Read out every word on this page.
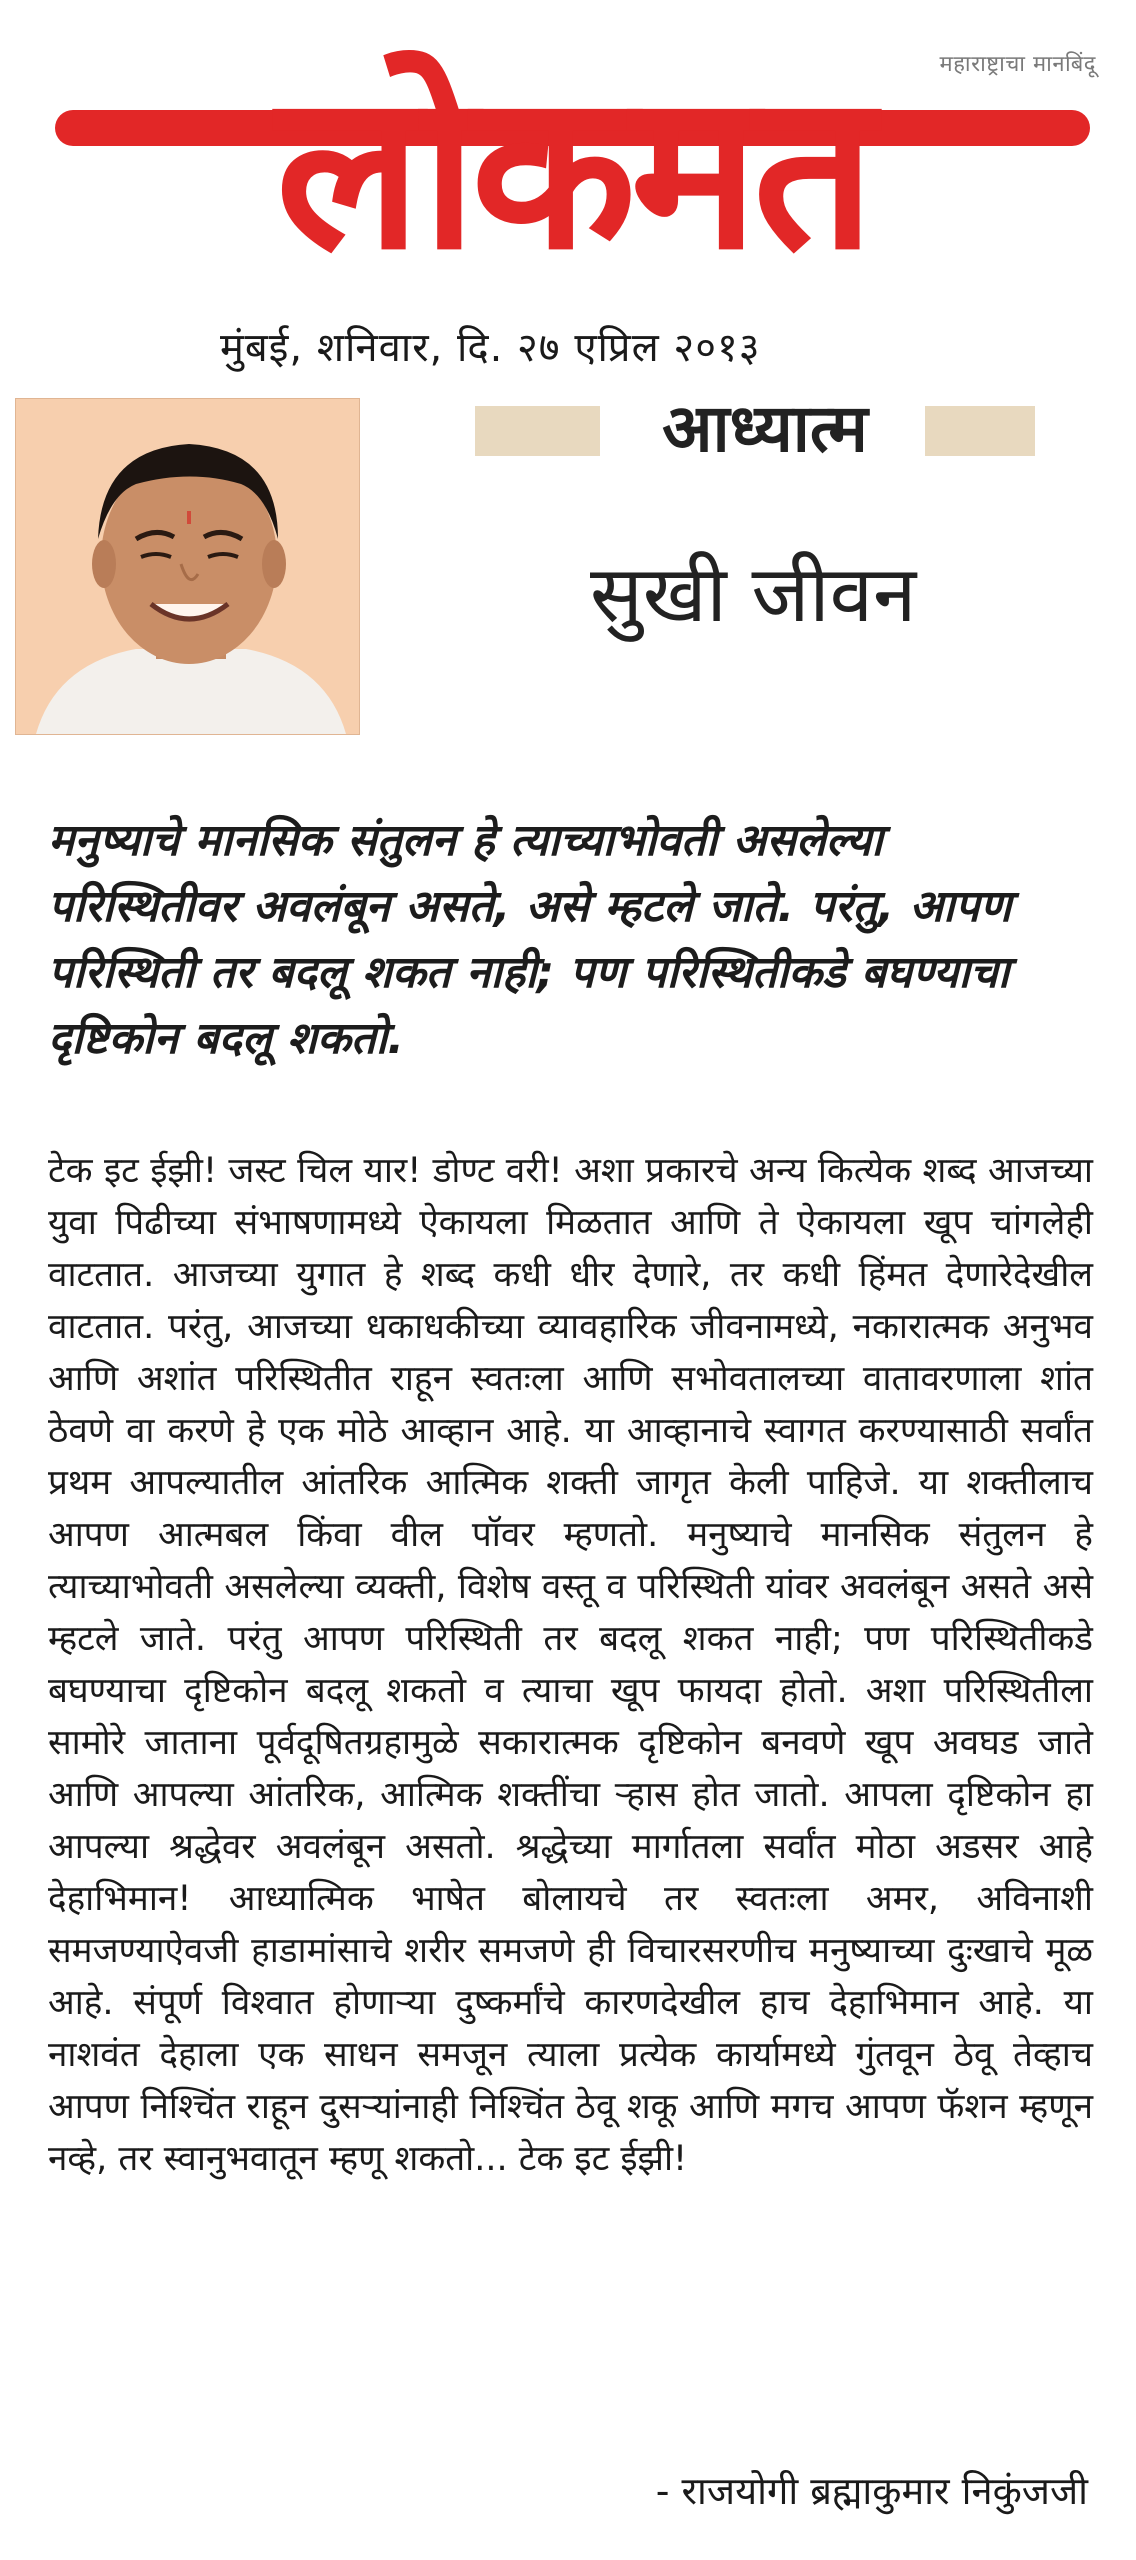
महाराष्ट्राचा मानबिंदू
लोकमत
मुंबई, शनिवार, दि. २७ एप्रिल २०१३
आध्यात्म
सुखी जीवन
मनुष्याचे मानसिक संतुलन हे त्याच्याभोवती असलेल्या परिस्थितीवर अवलंबून असते, असे म्हटले जाते. परंतु, आपण परिस्थिती तर बदलू शकत नाही; पण परिस्थितीकडे बघण्याचा दृष्टिकोन बदलू शकतो.
टेक इट ईझी! जस्ट चिल यार! डोण्ट वरी! अशा प्रकारचे अन्य कित्येक शब्द आजच्या युवा पिढीच्या संभाषणामध्ये ऐकायला मिळतात आणि ते ऐकायला खूप चांगलेही वाटतात. आजच्या युगात हे शब्द कधी धीर देणारे, तर कधी हिंमत देणारेदेखील वाटतात. परंतु, आजच्या धकाधकीच्या व्यावहारिक जीवनामध्ये, नकारात्मक अनुभव आणि अशांत परिस्थितीत राहून स्वतःला आणि सभोवतालच्या वातावरणाला शांत ठेवणे वा करणे हे एक मोठे आव्हान आहे. या आव्हानाचे स्वागत करण्यासाठी सर्वांत प्रथम आपल्यातील आंतरिक आत्मिक शक्ती जागृत केली पाहिजे. या शक्तीलाच आपण आत्मबल किंवा वील पॉवर म्हणतो. मनुष्याचे मानसिक संतुलन हे त्याच्याभोवती असलेल्या व्यक्ती, विशेष वस्तू व परिस्थिती यांवर अवलंबून असते असे म्हटले जाते. परंतु आपण परिस्थिती तर बदलू शकत नाही; पण परिस्थितीकडे बघण्याचा दृष्टिकोन बदलू शकतो व त्याचा खूप फायदा होतो. अशा परिस्थितीला सामोरे जाताना पूर्वदूषितग्रहामुळे सकारात्मक दृष्टिकोन बनवणे खूप अवघड जाते आणि आपल्या आंतरिक, आत्मिक शक्तींचा ऱ्हास होत जातो. आपला दृष्टिकोन हा आपल्या श्रद्धेवर अवलंबून असतो. श्रद्धेच्या मार्गातला सर्वांत मोठा अडसर आहे देहाभिमान! आध्यात्मिक भाषेत बोलायचे तर स्वतःला अमर, अविनाशी समजण्याऐवजी हाडामांसाचे शरीर समजणे ही विचारसरणीच मनुष्याच्या दुःखाचे मूळ आहे. संपूर्ण विश्वात होणाऱ्या दुष्कर्मांचे कारणदेखील हाच देहाभिमान आहे. या नाशवंत देहाला एक साधन समजून त्याला प्रत्येक कार्यामध्ये गुंतवून ठेवू तेव्हाच आपण निश्चिंत राहून दुसऱ्यांनाही निश्चिंत ठेवू शकू आणि मगच आपण फॅशन म्हणून नव्हे, तर स्वानुभवातून म्हणू शकतो... टेक इट ईझी!
- राजयोगी ब्रह्माकुमार निकुंजजी
